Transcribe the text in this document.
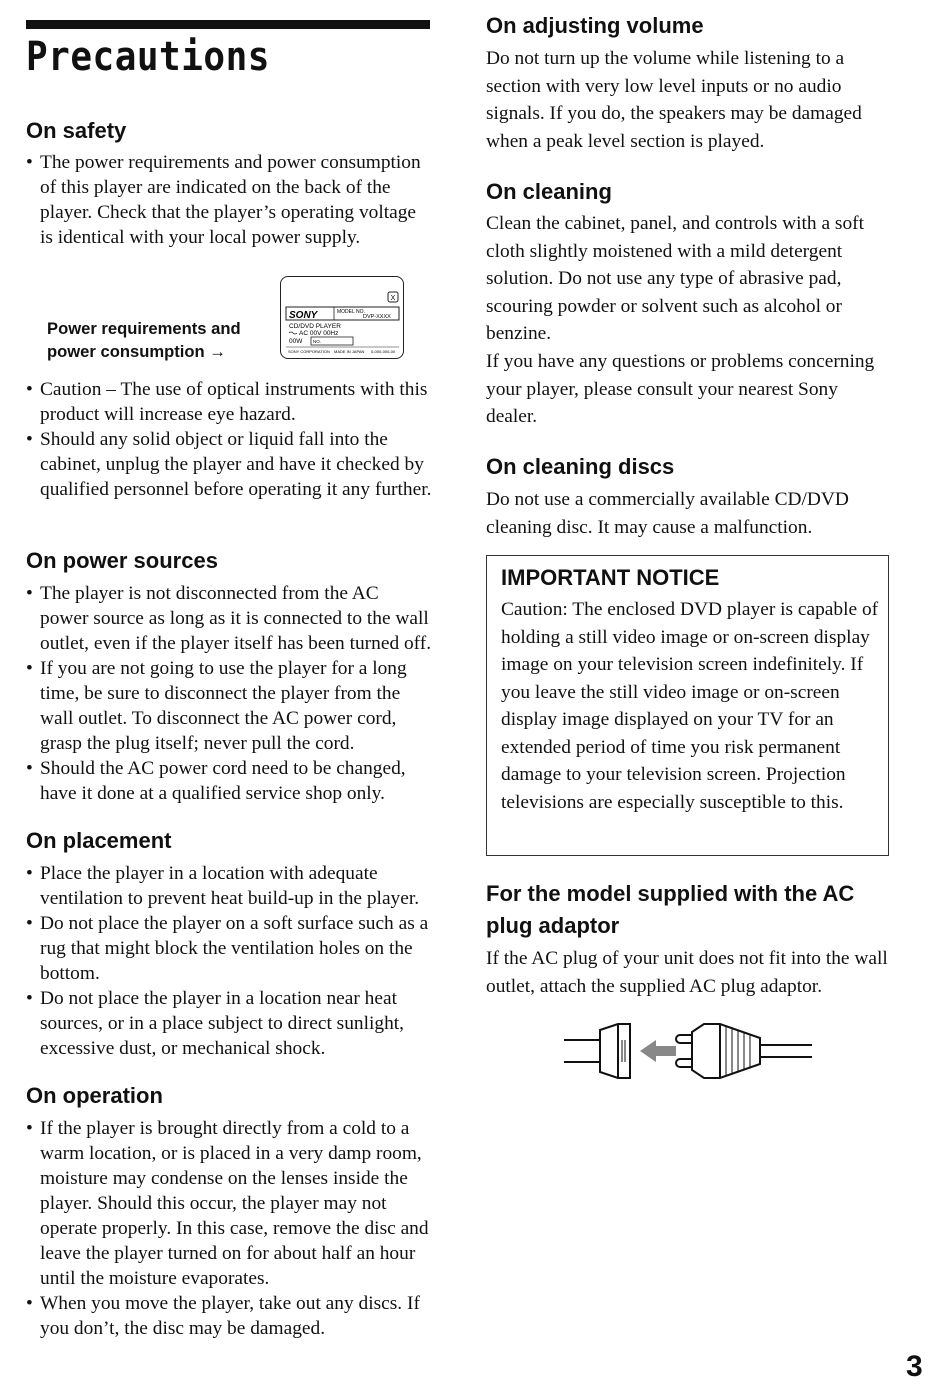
Precautions
On safety
• The power requirements and power consumption of this player are indicated on the back of the player. Check that the player’s operating voltage is identical with your local power supply.
Power requirements and
power consumption →
X
SONY	MODEL NO.
DVP-XXXX
CD/DVD PLAYER
AC 00V 00Hz
00W NO.
SONY CORPORATION MADE IN JAPAN 0-000-000-00
• Caution – The use of optical instruments with this product will increase eye hazard.
• Should any solid object or liquid fall into the cabinet, unplug the player and have it checked by qualified personnel before operating it any further.
On power sources
• The player is not disconnected from the AC power source as long as it is connected to the wall outlet, even if the player itself has been turned off.
• If you are not going to use the player for a long time, be sure to disconnect the player from the wall outlet. To disconnect the AC power cord, grasp the plug itself; never pull the cord.
• Should the AC power cord need to be changed, have it done at a qualified service shop only.
On placement
• Place the player in a location with adequate ventilation to prevent heat build-up in the player.
• Do not place the player on a soft surface such as a rug that might block the ventilation holes on the bottom.
• Do not place the player in a location near heat sources, or in a place subject to direct sunlight, excessive dust, or mechanical shock.
On operation
• If the player is brought directly from a cold to a warm location, or is placed in a very damp room, moisture may condense on the lenses inside the player. Should this occur, the player may not operate properly. In this case, remove the disc and leave the player turned on for about half an hour until the moisture evaporates.
• When you move the player, take out any discs. If you don’t, the disc may be damaged.
On adjusting volume

Do not turn up the volume while listening to a section with very low level inputs or no audio signals. If you do, the speakers may be damaged when a peak level section is played.

On cleaning

Clean the cabinet, panel, and controls with a soft cloth slightly moistened with a mild detergent solution. Do not use any type of abrasive pad, scouring powder or solvent such as alcohol or benzine.

If you have any questions or problems concerning your player, please consult your nearest Sony dealer.

On cleaning discs

Do not use a commercially available CD/DVD cleaning disc. It may cause a malfunction.

IMPORTANT NOTICE

Caution: The enclosed DVD player is capable of holding a still video image or on-screen display image on your television screen indefinitely. If you leave the still video image or on-screen display image displayed on your TV for an extended period of time you risk permanent damage to your television screen. Projection televisions are especially susceptible to this.

For the model supplied with the AC
plug adaptor

If the AC plug of your unit does not fit into the wall outlet, attach the supplied AC plug adaptor.

3
